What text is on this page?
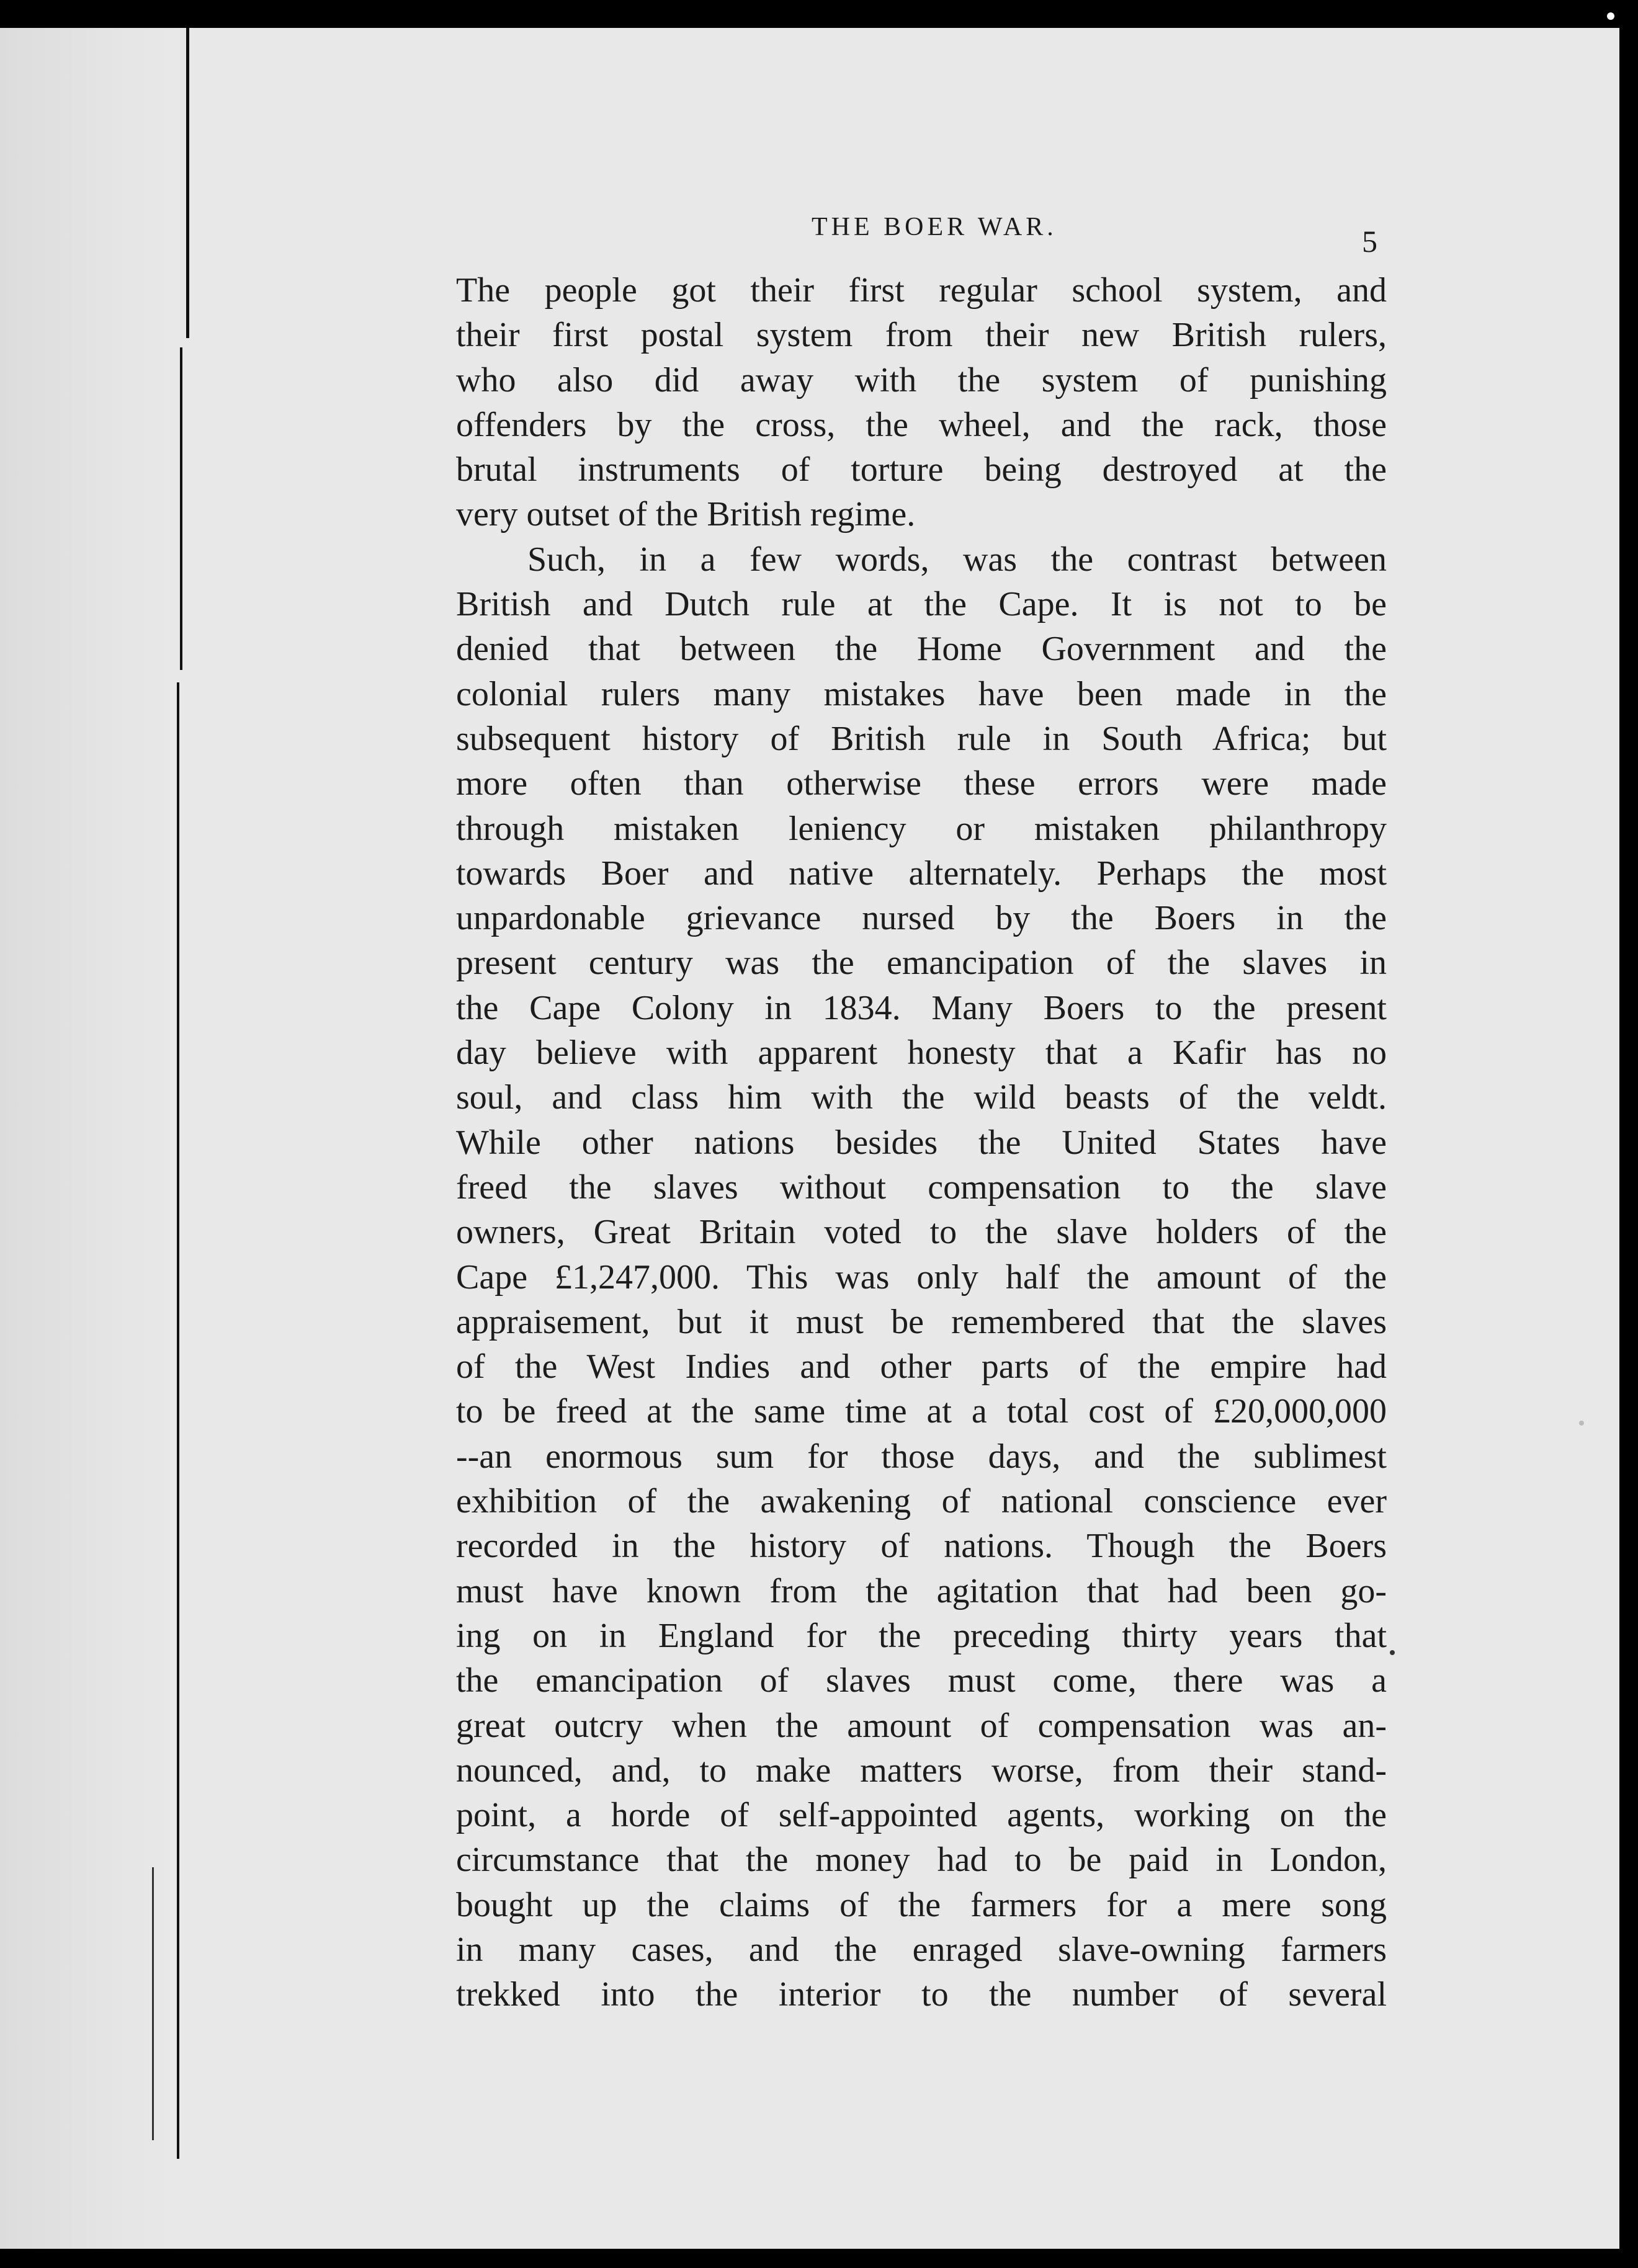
THE BOER WAR.	5
The people got their first regular school system, and
their first postal system from their new British rulers,
who also did away with the system of punishing
offenders by the cross, the wheel, and the rack, those
brutal instruments of torture being destroyed at the
very outset of the British regime.
Such, in a few words, was the contrast between
British and Dutch rule at the Cape. It is not to be
denied that between the Home Government and the
colonial rulers many mistakes have been made in the
subsequent history of British rule in South Africa; but
more often than otherwise these errors were made
through mistaken leniency or mistaken philanthropy
towards Boer and native alternately. Perhaps the most
unpardonable grievance nursed by the Boers in the
present century was the emancipation of the slaves in
the Cape Colony in 1834. Many Boers to the present
day believe with apparent honesty that a Kafir has no
soul, and class him with the wild beasts of the veldt.
While other nations besides the United States have
freed the slaves without compensation to the slave
owners, Great Britain voted to the slave holders of the
Cape £1,247,000. This was only half the amount of the
appraisement, but it must be remembered that the slaves
of the West Indies and other parts of the empire had
to be freed at the same time at a total cost of £20,000,000
--an enormous sum for those days, and the sublimest
exhibition of the awakening of national conscience ever
recorded in the history of nations. Though the Boers
must have known from the agitation that had been go-
ing on in England for the preceding thirty years that
the emancipation of slaves must come, there was a
great outcry when the amount of compensation was an-
nounced, and, to make matters worse, from their stand-
point, a horde of self-appointed agents, working on the
circumstance that the money had to be paid in London,
bought up the claims of the farmers for a mere song
in many cases, and the enraged slave-owning farmers
trekked into the interior to the number of several
